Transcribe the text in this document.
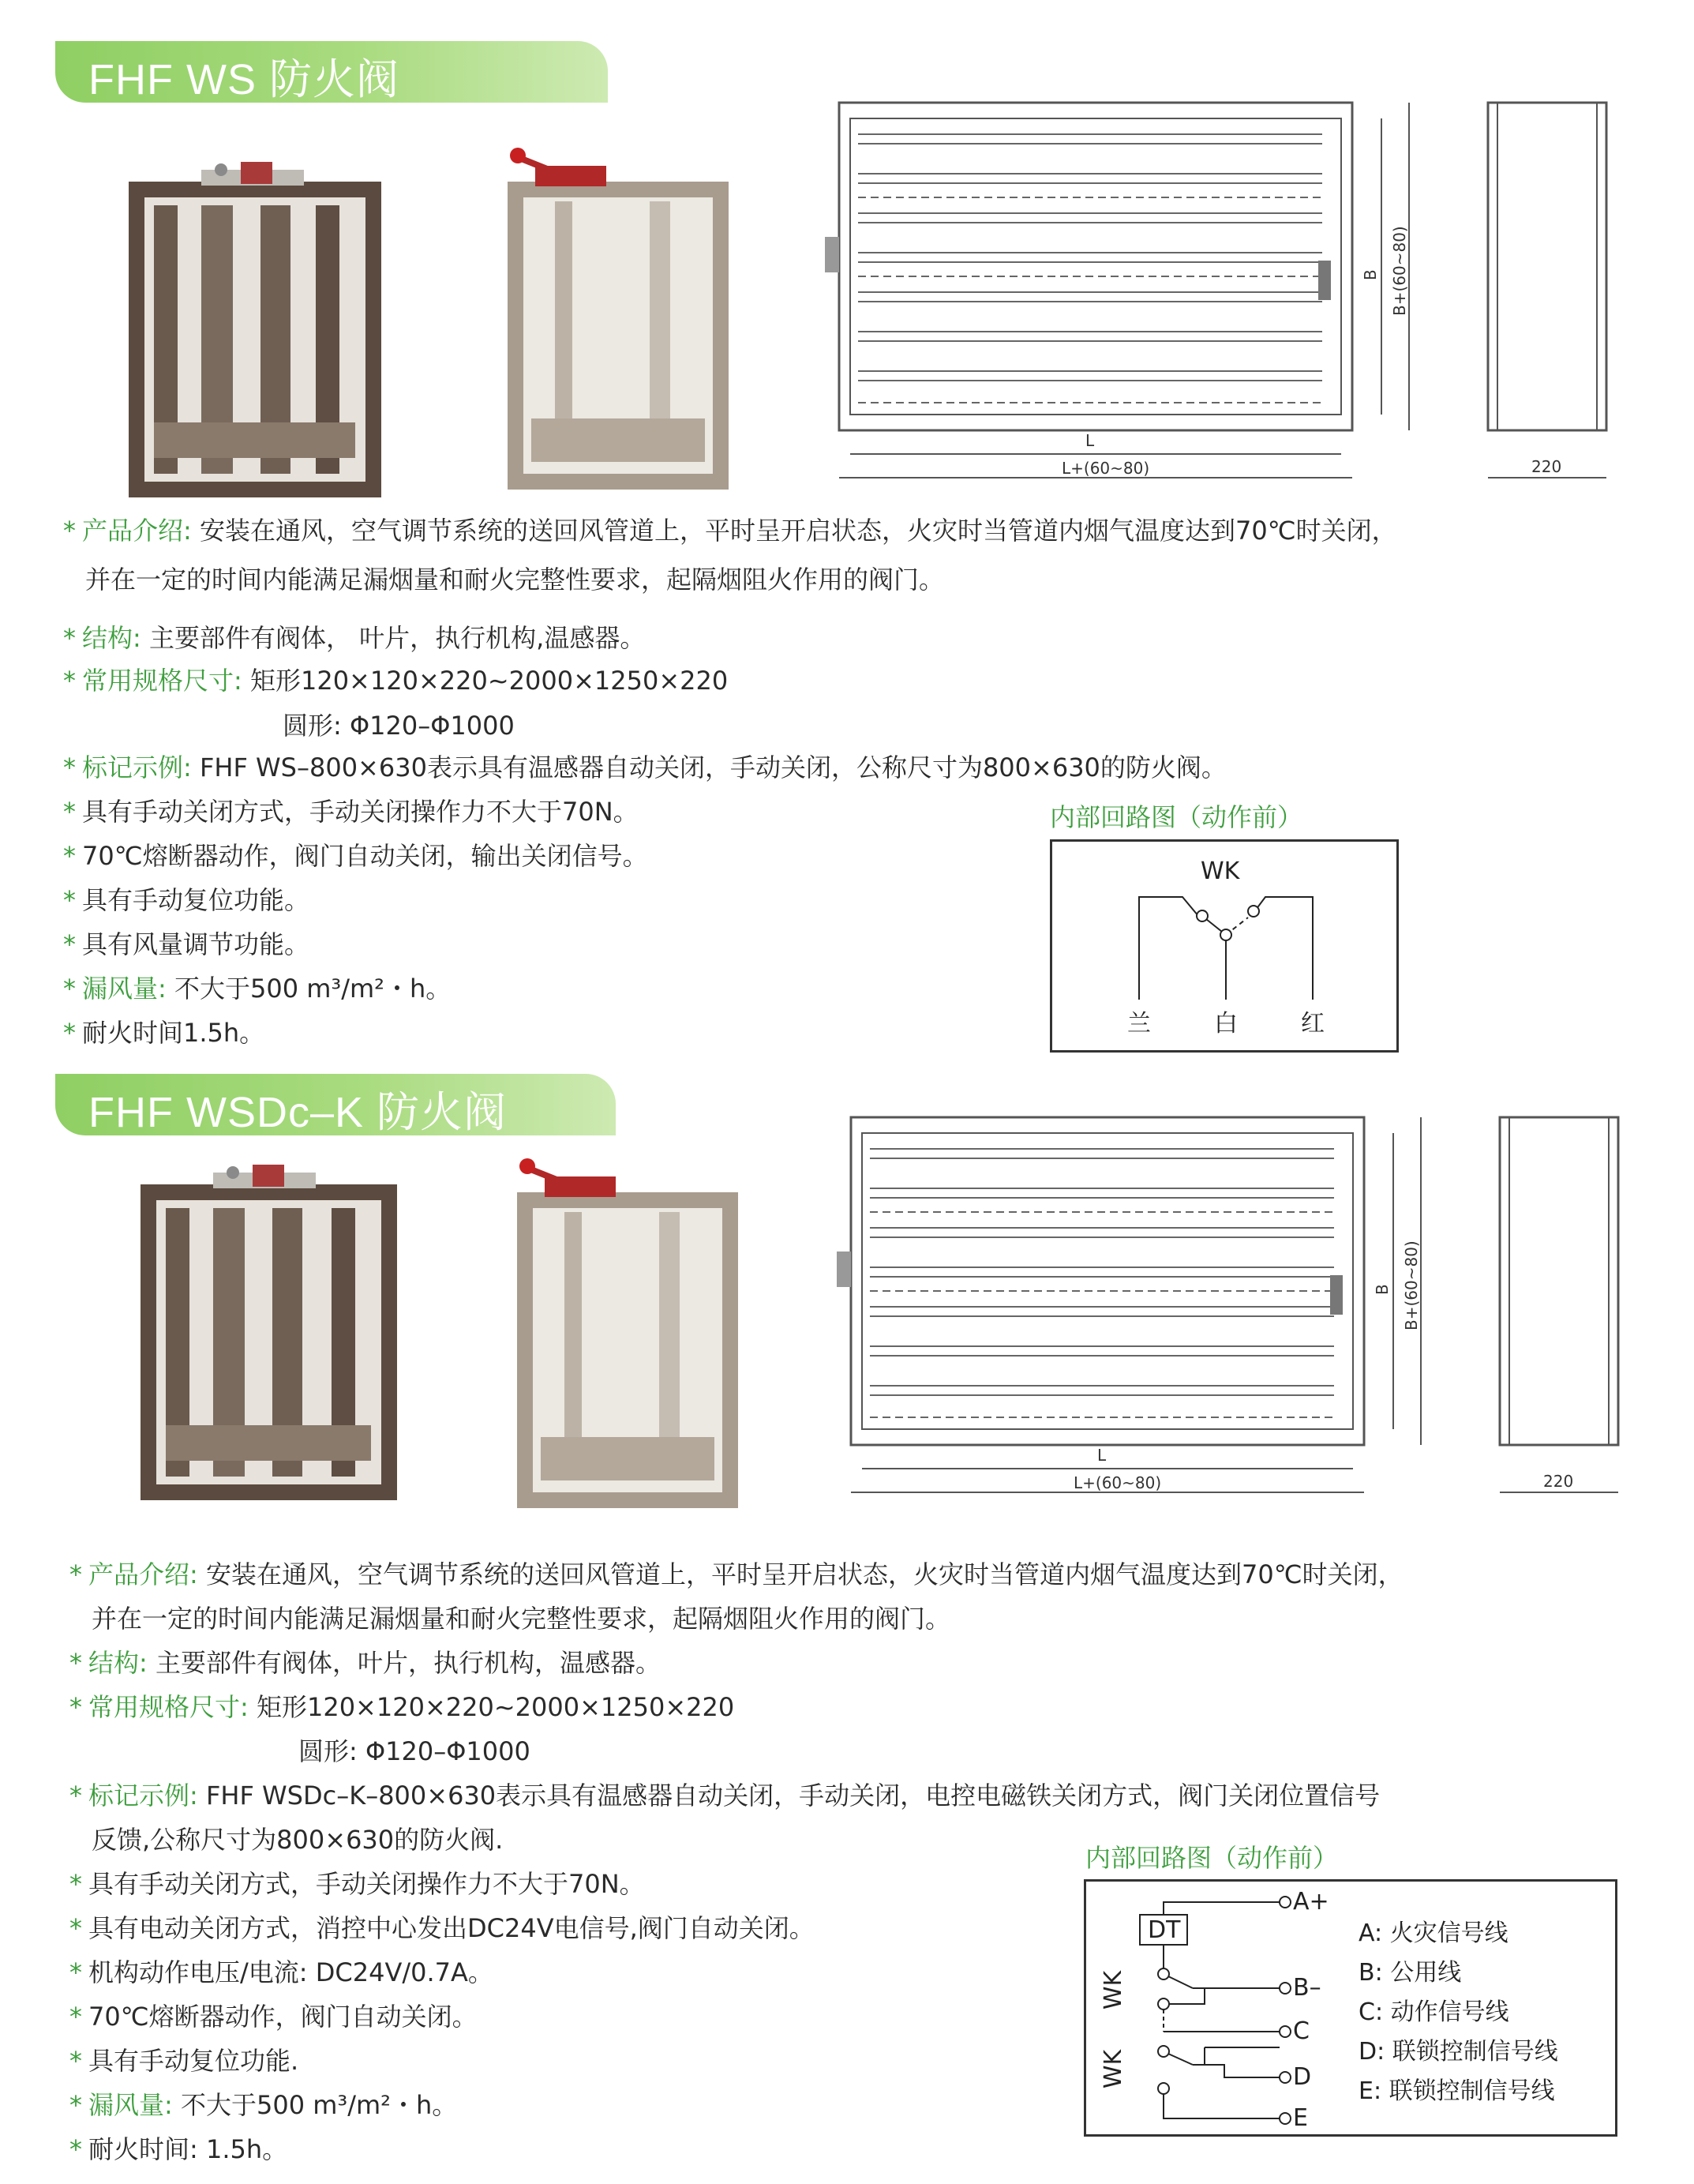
FHF WS 防火阀
L
L+(60~80)
B B+(60~80)
220
* 产品介绍: 安装在通风，空气调节系统的送回风管道上，平时呈开启状态，火灾时当管道内烟气温度达到70℃时关闭，
并在一定的时间内能满足漏烟量和耐火完整性要求，起隔烟阻火作用的阀门。
* 结构: 主要部件有阀体， 叶片，执行机构,温感器。
* 常用规格尺寸: 矩形120×120×220~2000×1250×220
圆形: Φ120–Φ1000
* 标记示例: FHF WS–800×630表示具有温感器自动关闭，手动关闭，公称尺寸为800×630的防火阀。
* 具有手动关闭方式，手动关闭操作力不大于70N。
* 70℃熔断器动作，阀门自动关闭，输出关闭信号。
* 具有手动复位功能。
* 具有风量调节功能。
* 漏风量: 不大于500 m³/m²・h。
* 耐火时间1.5h。
内部回路图（动作前）
WK
兰	白	红
FHF WSDc–K 防火阀
L
L+(60~80)
B B+(60~80)
220
* 产品介绍: 安装在通风，空气调节系统的送回风管道上，平时呈开启状态，火灾时当管道内烟气温度达到70℃时关闭，
并在一定的时间内能满足漏烟量和耐火完整性要求，起隔烟阻火作用的阀门。
* 结构: 主要部件有阀体，叶片，执行机构，温感器。
* 常用规格尺寸: 矩形120×120×220~2000×1250×220
圆形: Φ120–Φ1000
* 标记示例: FHF WSDc–K–800×630表示具有温感器自动关闭，手动关闭，电控电磁铁关闭方式，阀门关闭位置信号
反馈,公称尺寸为800×630的防火阀.
* 具有手动关闭方式，手动关闭操作力不大于70N。
* 具有电动关闭方式，消控中心发出DC24V电信号,阀门自动关闭。
* 机构动作电压/电流: DC24V/0.7A。
* 70℃熔断器动作，阀门自动关闭。
* 具有手动复位功能.
* 漏风量: 不大于500 m³/m²・h。
* 耐火时间: 1.5h。
内部回路图（动作前）
DT
WK
WK
A+
B–
C
D
E
A: 火灾信号线
B: 公用线
C: 动作信号线
D: 联锁控制信号线
E: 联锁控制信号线
